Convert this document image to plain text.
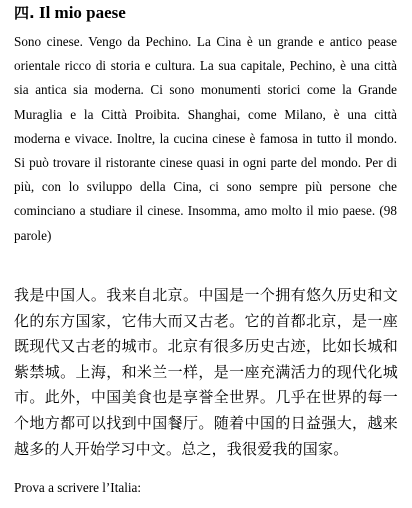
四. Il mio paese

Sono cinese. Vengo da Pechino. La Cina è un grande e antico pease orientale ricco di storia e cultura. La sua capitale, Pechino, è una città sia antica sia moderna. Ci sono monumenti storici come la Grande Muraglia e la Città Proibita. Shanghai, come Milano, è una città moderna e vivace. Inoltre, la cucina cinese è famosa in tutto il mondo. Si può trovare il ristorante cinese quasi in ogni parte del mondo. Per di più, con lo sviluppo della Cina, ci sono sempre più persone che cominciano a studiare il cinese. Insomma, amo molto il mio paese. (98 parole)

我是中国人。我来自北京。中国是一个拥有悠久历史和文化的东方国家，它伟大而又古老。它的首都北京，是一座既现代又古老的城市。北京有很多历史古迹，比如长城和紫禁城。上海，和米兰一样，是一座充满活力的现代化城市。此外，中国美食也是享誉全世界。几乎在世界的每一个地方都可以找到中国餐厅。随着中国的日益强大，越来越多的人开始学习中文。总之，我很爱我的国家。

Prova a scrivere l’Italia:
